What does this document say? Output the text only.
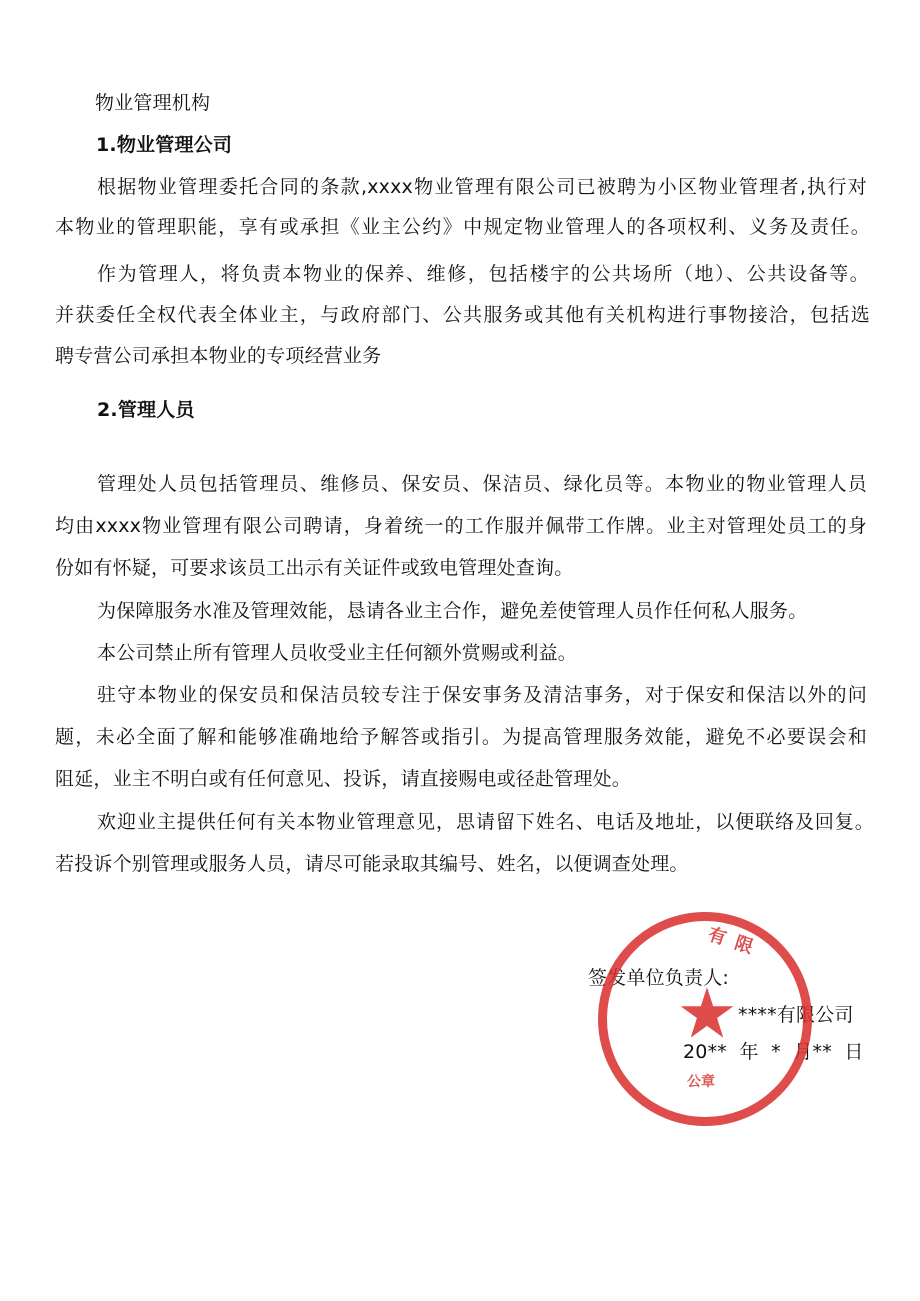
物业管理机构
1.物业管理公司
根据物业管理委托合同的条款,xxxx物业管理有限公司已被聘为小区物业管理者,执行对
本物业的管理职能，享有或承担《业主公约》中规定物业管理人的各项权利、义务及责任。
作为管理人，将负责本物业的保养、维修，包括楼宇的公共场所（地）、公共设备等。
并获委任全权代表全体业主，与政府部门、公共服务或其他有关机构进行事物接洽，包括选
聘专营公司承担本物业的专项经营业务
2.管理人员
管理处人员包括管理员、维修员、保安员、保洁员、绿化员等。本物业的物业管理人员
均由xxxx物业管理有限公司聘请，身着统一的工作服并佩带工作牌。业主对管理处员工的身
份如有怀疑，可要求该员工出示有关证件或致电管理处查询。
为保障服务水准及管理效能，恳请各业主合作，避免差使管理人员作任何私人服务。
本公司禁止所有管理人员收受业主任何额外赏赐或利益。
驻守本物业的保安员和保洁员较专注于保安事务及清洁事务，对于保安和保洁以外的问
题，未必全面了解和能够准确地给予解答或指引。为提高管理服务效能，避免不必要误会和
阻延，业主不明白或有任何意见、投诉，请直接赐电或径赴管理处。
欢迎业主提供任何有关本物业管理意见，思请留下姓名、电话及地址，以便联络及回复。
若投诉个别管理或服务人员，请尽可能录取其编号、姓名，以便调查处理。
签发单位负责人:
****有限公司
20**  年  *  月**  日
有限
公章
